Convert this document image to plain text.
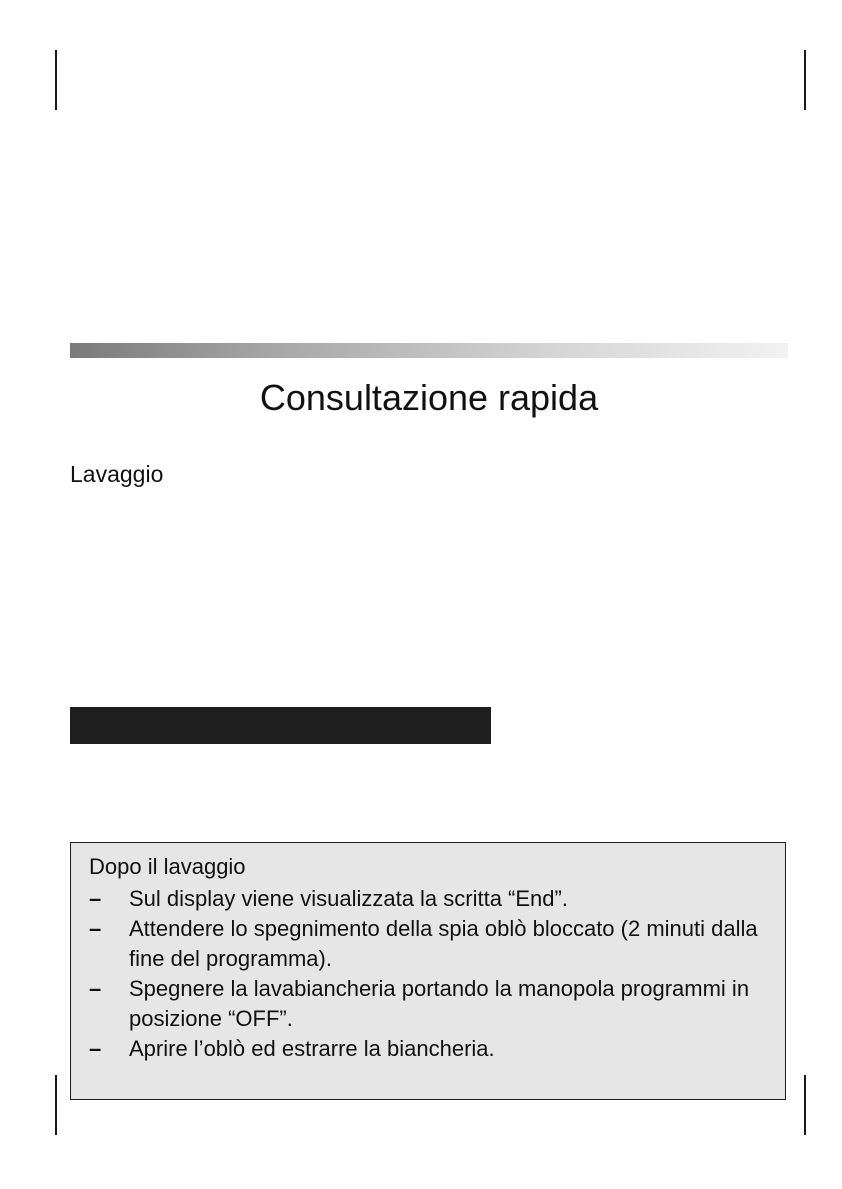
Consultazione rapida
Lavaggio
Dopo il lavaggio
– Sul display viene visualizzata la scritta “End”.
– Attendere lo spegnimento della spia oblò bloccato (2 minuti dalla fine del programma).
– Spegnere la lavabiancheria portando la manopola programmi in posizione “OFF”.
– Aprire l’oblò ed estrarre la biancheria.
